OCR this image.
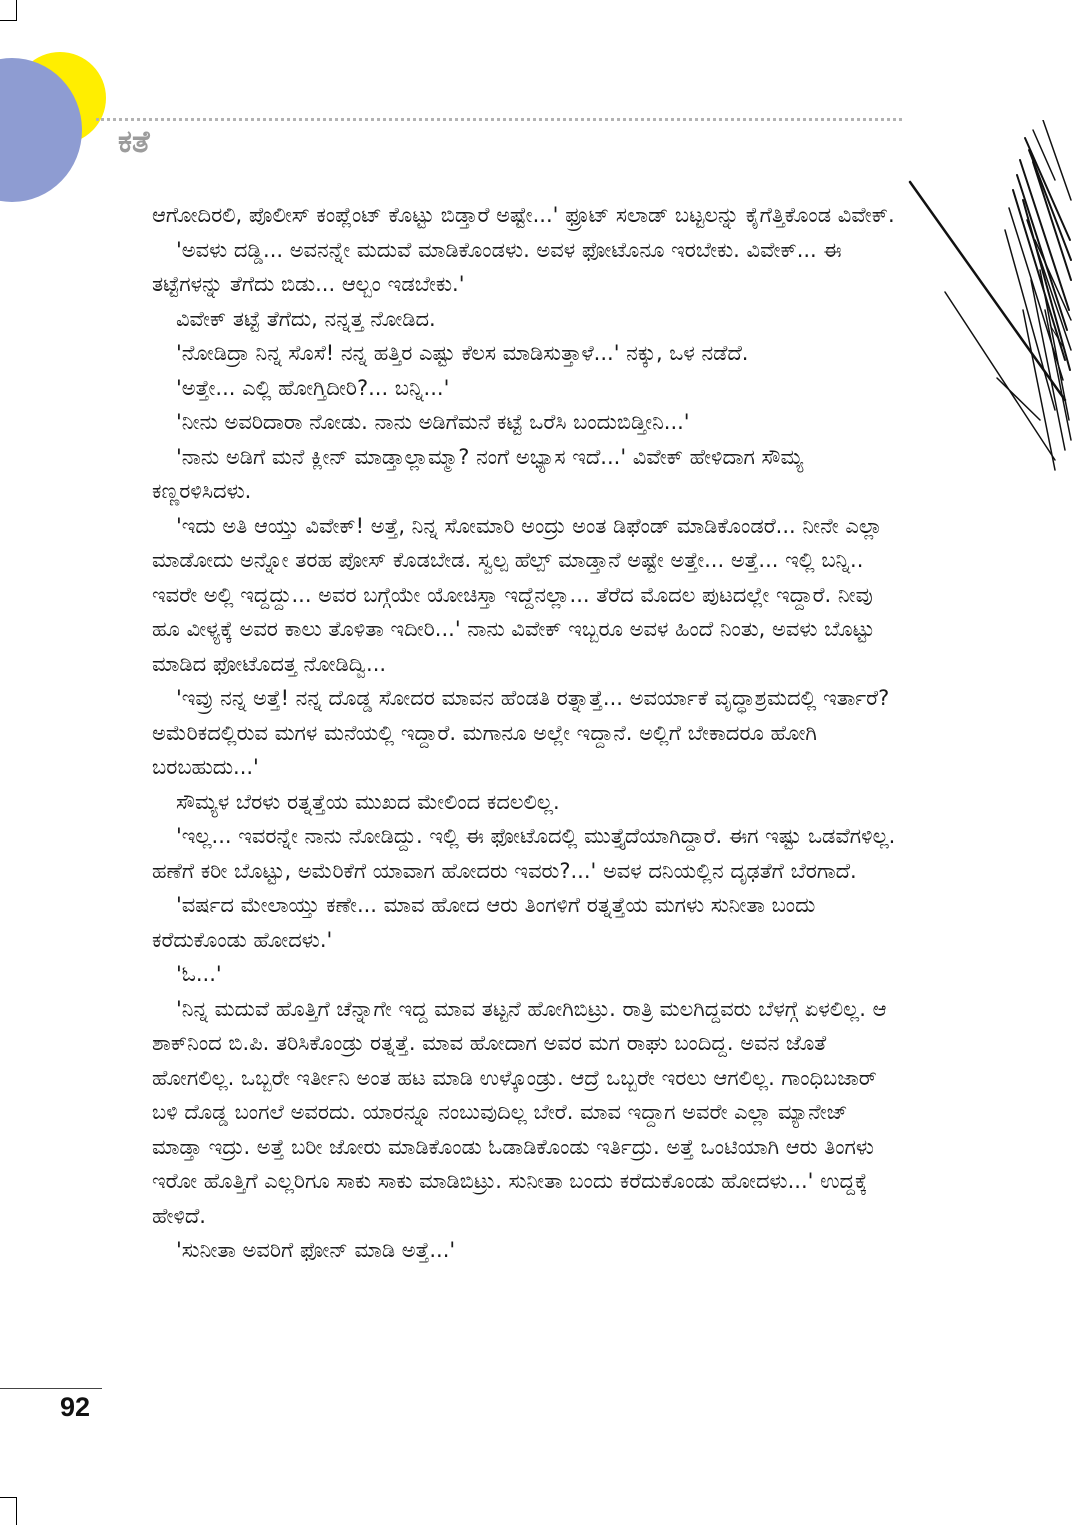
ಕತೆ

ಆಗೋದಿರಲಿ, ಪೊಲೀಸ್ ಕಂಪ್ಲೆಂಟ್ ಕೊಟ್ಟು ಬಿಡ್ತಾರೆ ಅಷ್ಟೇ...' ಫ್ರೂಟ್ ಸಲಾಡ್ ಬಟ್ಟಲನ್ನು ಕೈಗೆತ್ತಿಕೊಂಡ ವಿವೇಕ್.

'ಅವಳು ದಡ್ಡಿ... ಅವನನ್ನೇ ಮದುವೆ ಮಾಡಿಕೊಂಡಳು. ಅವಳ ಫೋಟೊನೂ ಇರಬೇಕು. ವಿವೇಕ್... ಈ ತಟ್ಟೆಗಳನ್ನು ತೆಗೆದು ಬಿಡು... ಆಲ್ಬಂ ಇಡಬೇಕು.'

ವಿವೇಕ್ ತಟ್ಟೆ ತೆಗೆದು, ನನ್ನತ್ತ ನೋಡಿದ.

'ನೋಡಿದ್ರಾ ನಿನ್ನ ಸೊಸೆ! ನನ್ನ ಹತ್ತಿರ ಎಷ್ಟು ಕೆಲಸ ಮಾಡಿಸುತ್ತಾಳೆ...' ನಕ್ಕು, ಒಳ ನಡೆದೆ.

'ಅತ್ತೇ... ಎಲ್ಲಿ ಹೋಗ್ತಿದೀರಿ?... ಬನ್ನಿ...'

'ನೀನು ಅವರಿದಾರಾ ನೋಡು. ನಾನು ಅಡಿಗೆಮನೆ ಕಟ್ಟೆ ಒರೆಸಿ ಬಂದುಬಿಡ್ತೀನಿ...'

'ನಾನು ಅಡಿಗೆ ಮನೆ ಕ್ಲೀನ್ ಮಾಡ್ತಾಲ್ಲಾಮ್ಮಾ? ನಂಗೆ ಅಭ್ಯಾಸ ಇದೆ...' ವಿವೇಕ್ ಹೇಳಿದಾಗ ಸೌಮ್ಯ ಕಣ್ಣರಳಿಸಿದಳು.

'ಇದು ಅತಿ ಆಯ್ತು ವಿವೇಕ್! ಅತ್ತೆ, ನಿನ್ನ ಸೋಮಾರಿ ಅಂದ್ರು ಅಂತ ಡಿಫೆಂಡ್ ಮಾಡಿಕೊಂಡರೆ... ನೀನೇ ಎಲ್ಲಾ ಮಾಡೋದು ಅನ್ನೋ ತರಹ ಪೋಸ್ ಕೊಡಬೇಡ. ಸ್ವಲ್ಪ ಹೆಲ್ಪ್ ಮಾಡ್ತಾನೆ ಅಷ್ಟೇ ಅತ್ತೇ... ಅತ್ತೆ... ಇಲ್ಲಿ ಬನ್ನಿ.. ಇವರೇ ಅಲ್ಲಿ ಇದ್ದದ್ದು... ಅವರ ಬಗ್ಗೆಯೇ ಯೋಚಿಸ್ತಾ ಇದ್ದೆನಲ್ಲಾ... ತೆರೆದ ಮೊದಲ ಪುಟದಲ್ಲೇ ಇದ್ದಾರೆ. ನೀವು ಹೂ ವೀಳ್ಯಕ್ಕೆ ಅವರ ಕಾಲು ತೊಳಿತಾ ಇದೀರಿ...' ನಾನು ವಿವೇಕ್ ಇಬ್ಬರೂ ಅವಳ ಹಿಂದೆ ನಿಂತು, ಅವಳು ಬೊಟ್ಟು ಮಾಡಿದ ಫೋಟೊದತ್ತ ನೋಡಿದ್ವಿ...

'ಇವ್ರು ನನ್ನ ಅತ್ತೆ! ನನ್ನ ದೊಡ್ಡ ಸೋದರ ಮಾವನ ಹೆಂಡತಿ ರತ್ನಾತ್ತೆ... ಅವರ್ಯಾಕೆ ವೃದ್ಧಾಶ್ರಮದಲ್ಲಿ ಇರ್ತಾರೆ? ಅಮೆರಿಕದಲ್ಲಿರುವ ಮಗಳ ಮನೆಯಲ್ಲಿ ಇದ್ದಾರೆ. ಮಗಾನೂ ಅಲ್ಲೇ ಇದ್ದಾನೆ. ಅಲ್ಲಿಗೆ ಬೇಕಾದರೂ ಹೋಗಿ ಬರಬಹುದು...'

ಸೌಮ್ಯಳ ಬೆರಳು ರತ್ನತ್ತೆಯ ಮುಖದ ಮೇಲಿಂದ ಕದಲಲಿಲ್ಲ.

'ಇಲ್ಲ... ಇವರನ್ನೇ ನಾನು ನೋಡಿದ್ದು. ಇಲ್ಲಿ ಈ ಫೋಟೊದಲ್ಲಿ ಮುತ್ತೈದೆಯಾಗಿದ್ದಾರೆ. ಈಗ ಇಷ್ಟು ಒಡವೆಗಳಿಲ್ಲ. ಹಣೆಗೆ ಕರೀ ಬೊಟ್ಟು, ಅಮೆರಿಕೆಗೆ ಯಾವಾಗ ಹೋದರು ಇವರು?...' ಅವಳ ದನಿಯಲ್ಲಿನ ದೃಢತೆಗೆ ಬೆರಗಾದೆ.

'ವರ್ಷದ ಮೇಲಾಯ್ತು ಕಣೇ... ಮಾವ ಹೋದ ಆರು ತಿಂಗಳಿಗೆ ರತ್ನತ್ತೆಯ ಮಗಳು ಸುನೀತಾ ಬಂದು ಕರೆದುಕೊಂಡು ಹೋದಳು.'

'ಓ...'

'ನಿನ್ನ ಮದುವೆ ಹೊತ್ತಿಗೆ ಚೆನ್ನಾಗೇ ಇದ್ದ ಮಾವ ತಟ್ಟನೆ ಹೋಗಿಬಿಟ್ರು. ರಾತ್ರಿ ಮಲಗಿದ್ದವರು ಬೆಳಗ್ಗೆ ಏಳಲಿಲ್ಲ. ಆ ಶಾಕ್‌ನಿಂದ ಬಿ.ಪಿ. ತರಿಸಿಕೊಂಡ್ರು ರತ್ನತ್ತೆ. ಮಾವ ಹೋದಾಗ ಅವರ ಮಗ ರಾಘು ಬಂದಿದ್ದ. ಅವನ ಜೊತೆ ಹೋಗಲಿಲ್ಲ. ಒಬ್ಬರೇ ಇರ್ತೀನಿ ಅಂತ ಹಟ ಮಾಡಿ ಉಳ್ಕೊಂಡ್ರು. ಆದ್ರೆ ಒಬ್ಬರೇ ಇರಲು ಆಗಲಿಲ್ಲ. ಗಾಂಧಿಬಜಾರ್ ಬಳಿ ದೊಡ್ಡ ಬಂಗಲೆ ಅವರದು. ಯಾರನ್ನೂ ನಂಬುವುದಿಲ್ಲ ಬೇರೆ. ಮಾವ ಇದ್ದಾಗ ಅವರೇ ಎಲ್ಲಾ ಮ್ಯಾನೇಜ್ ಮಾಡ್ತಾ ಇದ್ರು. ಅತ್ತೆ ಬರೀ ಜೋರು ಮಾಡಿಕೊಂಡು ಓಡಾಡಿಕೊಂಡು ಇರ್ತಿದ್ರು. ಅತ್ತೆ ಒಂಟಿಯಾಗಿ ಆರು ತಿಂಗಳು ಇರೋ ಹೊತ್ತಿಗೆ ಎಲ್ಲರಿಗೂ ಸಾಕು ಸಾಕು ಮಾಡಿಬಿಟ್ರು. ಸುನೀತಾ ಬಂದು ಕರೆದುಕೊಂಡು ಹೋದಳು...' ಉದ್ದಕ್ಕೆ ಹೇಳಿದೆ.

'ಸುನೀತಾ ಅವರಿಗೆ ಫೋನ್ ಮಾಡಿ ಅತ್ತೆ...'

92
